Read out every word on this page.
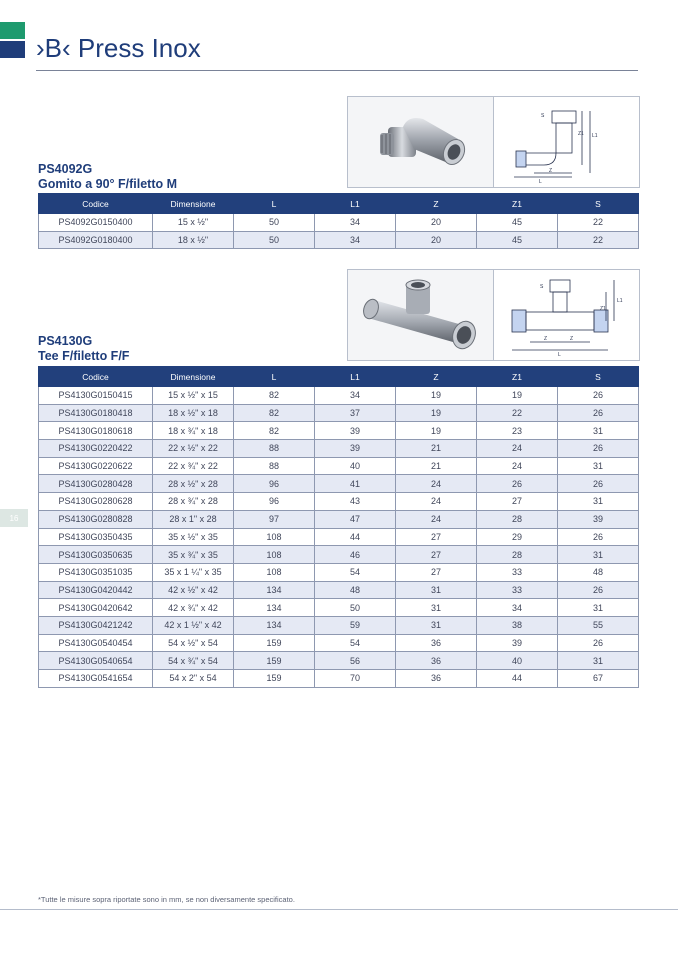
›B‹ Press Inox
S
Z1 L1
Z
L
PS4092G
Gomito a 90° F/filetto M
Codice	Dimensione	L	L1	Z	Z1	S
PS4092G0150400	15 x ½"	50	34	20	45	22
PS4092G0180400	18 x ½"	50	34	20	45	22
S
L1
Z1
Z	Z
L
PS4130G
Tee F/filetto F/F
Codice	Dimensione	L	L1	Z	Z1	S
PS4130G0150415	15 x ½" x 15	82	34	19	19	26
PS4130G0180418	18 x ½" x 18	82	37	19	22	26
PS4130G0180618	18 x ¾" x 18	82	39	19	23	31
PS4130G0220422	22 x ½" x 22	88	39	21	24	26
PS4130G0220622	22 x ¾" x 22	88	40	21	24	31
PS4130G0280428	28 x ½" x 28	96	41	24	26	26
PS4130G0280628	28 x ¾" x 28	96	43	24	27	31
PS4130G0280828	28 x 1" x 28	97	47	24	28	39
PS4130G0350435	35 x ½" x 35	108	44	27	29	26
PS4130G0350635	35 x ¾" x 35	108	46	27	28	31
PS4130G0351035	35 x 1 ¼" x 35	108	54	27	33	48
PS4130G0420442	42 x ½" x 42	134	48	31	33	26
PS4130G0420642	42 x ¾" x 42	134	50	31	34	31
PS4130G0421242	42 x 1 ½" x 42	134	59	31	38	55
PS4130G0540454	54 x ½" x 54	159	54	36	39	26
PS4130G0540654	54 x ¾" x 54	159	56	36	40	31
PS4130G0541654	54 x 2" x 54	159	70	36	44	67
16
*Tutte le misure sopra riportate sono in mm, se non diversamente specificato.
